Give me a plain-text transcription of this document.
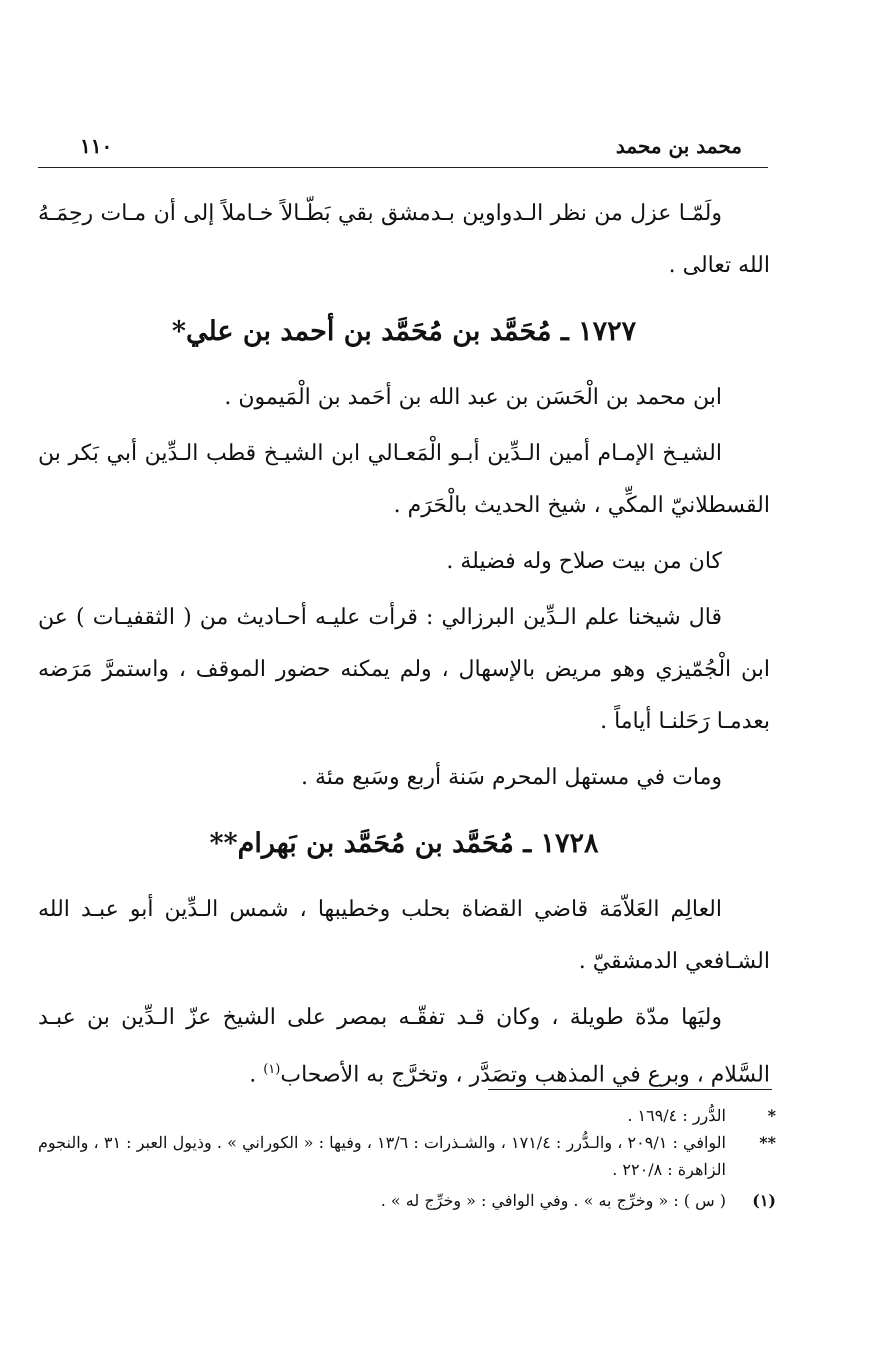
محمد بن محمد
١١٠

ولَمّـا عزل من نظر الـدواوين بـدمشق بقي بَطّـالاً خـاملاً إلى أن مـات رحِمَـهُ الله تعالى .

١٧٢٧ ـ مُحَمَّد بن مُحَمَّد بن أحمد بن علي*

ابن محمد بن الْحَسَن بن عبد الله بن أحَمد بن الْمَيمون .

الشيـخ الإمـام أمين الـدِّين أبـو الْمَعـالي ابن الشيـخ قطب الـدِّين أبي بَكر بن القسطلانيّ المكِّي ، شيخ الحديث بالْحَرَم .

كان من بيت صلاح وله فضيلة .

قال شيخنا علم الـدِّين البرزالي : قرأت عليـه أحـاديث من ( الثقفيـات ) عن ابن الْجُمّيزي وهو مريض بالإسهال ، ولم يمكنه حضور الموقف ، واستمرَّ مَرَضه بعدمـا رَحَلنـا أياماً .

ومات في مستهل المحرم سَنة أربع وسَبع مئة .

١٧٢٨ ـ مُحَمَّد بن مُحَمَّد بن بَهرام**

العالِم العَلاّمَة قاضي القضاة بحلب وخطيبها ، شمس الـدِّين أبو عبـد الله الشـافعي الدمشقيّ .

وليَها مدّة طويلة ، وكان قـد تفقّـه بمصر على الشيخ عزّ الـدِّين بن عبـد السَّلام ، وبرع في المذهب وتصَدَّر ، وتخرَّج به الأصحاب$^{(١)}$ .

*
الدُّرر : ١٦٩/٤ .
**
الوافي : ٢٠٩/١ ، والـدُّرر : ١٧١/٤ ، والشـذرات : ١٣/٦ ، وفيها : « الكوراني » . وذيول العبر : ٣١ ، والنجوم الزاهرة : ٢٢٠/٨ .
(١)
( س ) : « وخرِّج به » . وفي الوافي : « وخرِّج له » .
